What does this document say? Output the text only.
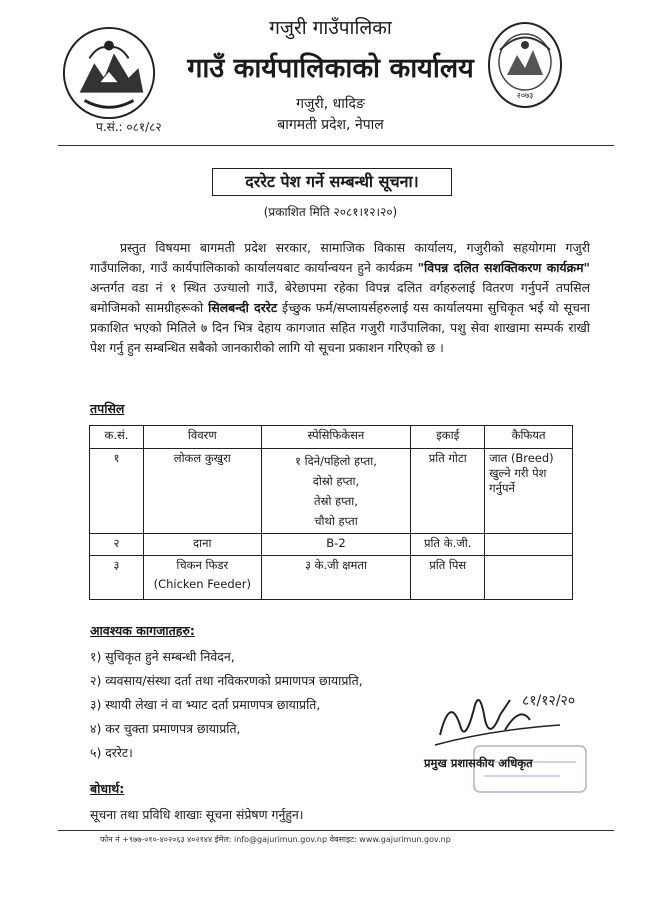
२०७३
गजुरी गाउँपालिका
गाउँ कार्यपालिकाको कार्यालय
गजुरी, धादिङ
बागमती प्रदेश, नेपाल
प.सं.: ०८१/८२
दररेट पेश गर्ने सम्बन्धी सूचना।
(प्रकाशित मिति २०८१।१२।२०)
प्रस्तुत विषयमा बागमती प्रदेश सरकार, सामाजिक विकास कार्यालय, गजुरीको सहयोगमा गजुरी गाउँपालिका, गाउँ कार्यपालिकाको कार्यालयबाट कार्यान्वयन हुने कार्यक्रम "विपन्न दलित सशक्तिकरण कार्यक्रम" अन्तर्गत वडा नं १ स्थित उज्यालो गाउँ, बेरेछापमा रहेका विपन्न दलित वर्गहरुलाई वितरण गर्नुपर्ने तपसिल बमोजिमको सामग्रीहरूको सिलबन्दी दररेट ईच्छुक फर्म/सप्लायर्सहरुलाई यस कार्यालयमा सुचिकृत भई यो सूचना प्रकाशित भएको मितिले ७ दिन भित्र देहाय कागजात सहित गजुरी गाउँपालिका, पशु सेवा शाखामा सम्पर्क राखी पेश गर्नु हुन सम्बन्धित सबैको जानकारीको लागि यो सूचना प्रकाशन गरिएको छ ।
तपसिल
क.सं.	विवरण	स्पेसिफिकेसन	इकाई	कैफियत
१	लोकल कुखुरा	१ दिने/पहिलो हप्ता,
दोस्रो हप्ता,
तेस्रो हप्ता,
चौथो हप्ता	प्रति गोटा	जात (Breed) खुल्ने गरी पेश गर्नुपर्ने
२	दाना	B-2	प्रति के.जी.	
३	चिकन फिडर
(Chicken Feeder)	३ के.जी क्षमता	प्रति पिस	
आवश्यक कागजातहरु:
१) सुचिकृत हुने सम्बन्धी निवेदन,
२) व्यवसाय/संस्था दर्ता तथा नविकरणको प्रमाणपत्र छायाप्रति,
३) स्थायी लेखा नं वा भ्याट दर्ता प्रमाणपत्र छायाप्रति,
४) कर चुक्ता प्रमाणपत्र छायाप्रति,
५) दररेट।
८१/१२/२०
प्रमुख प्रशासकीय अधिकृत
बोधार्थ:
सूचना तथा प्रविधि शाखाः सूचना संप्रेषण गर्नुहुन।
फोन नं +९७७-०१०-४०२०६३ ४०२१४४ ईमेल: info@gajurimun.gov.np वेबसाइट: www.gajurimun.gov.np
